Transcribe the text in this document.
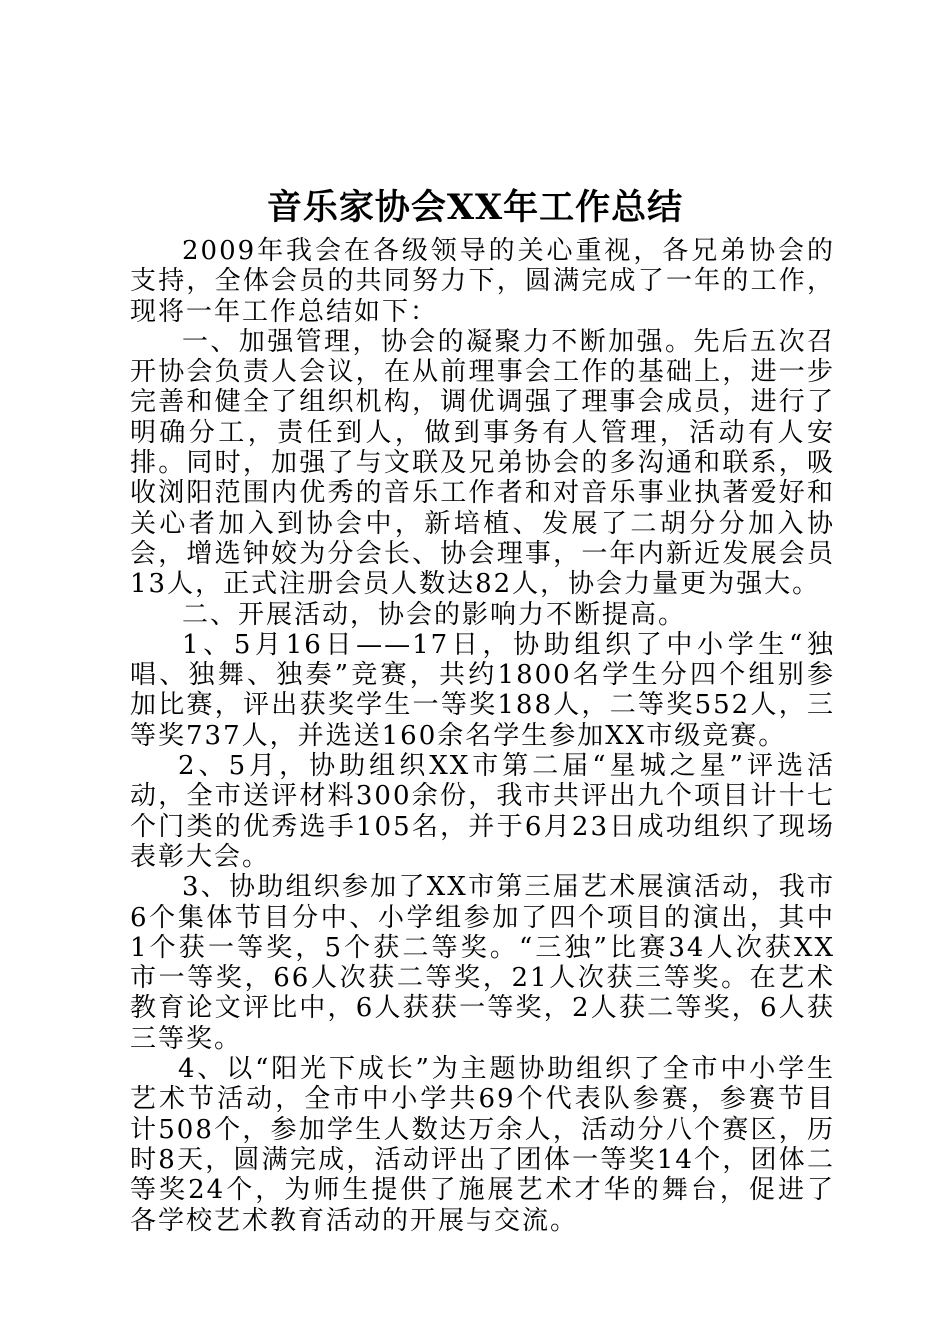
音乐家协会XX年工作总结

2009年我会在各级领导的关心重视，各兄弟协会的支持，全体会员的共同努力下，圆满完成了一年的工作，现将一年工作总结如下：

一、加强管理，协会的凝聚力不断加强。先后五次召开协会负责人会议，在从前理事会工作的基础上，进一步完善和健全了组织机构，调优调强了理事会成员，进行了明确分工，责任到人，做到事务有人管理，活动有人安排。同时，加强了与文联及兄弟协会的多沟通和联系，吸收浏阳范围内优秀的音乐工作者和对音乐事业执著爱好和关心者加入到协会中，新培植、发展了二胡分分加入协会，增选钟姣为分会长、协会理事，一年内新近发展会员13人，正式注册会员人数达82人，协会力量更为强大。

二、开展活动，协会的影响力不断提高。

1、5月16日——17日，协助组织了中小学生“独唱、独舞、独奏”竞赛，共约1800名学生分四个组别参加比赛，评出获奖学生一等奖188人，二等奖552人，三等奖737人，并选送160余名学生参加XX市级竞赛。

2、5月，协助组织XX市第二届“星城之星”评选活动，全市送评材料300余份，我市共评出九个项目计十七个门类的优秀选手105名，并于6月23日成功组织了现场表彰大会。

3、协助组织参加了XX市第三届艺术展演活动，我市6个集体节目分中、小学组参加了四个项目的演出，其中1个获一等奖，5个获二等奖。“三独”比赛34人次获XX市一等奖，66人次获二等奖，21人次获三等奖。在艺术教育论文评比中，6人获获一等奖，2人获二等奖，6人获三等奖。

4、以“阳光下成长”为主题协助组织了全市中小学生艺术节活动，全市中小学共69个代表队参赛，参赛节目计508个，参加学生人数达万余人，活动分八个赛区，历时8天，圆满完成，活动评出了团体一等奖14个，团体二等奖24个，为师生提供了施展艺术才华的舞台，促进了各学校艺术教育活动的开展与交流。
